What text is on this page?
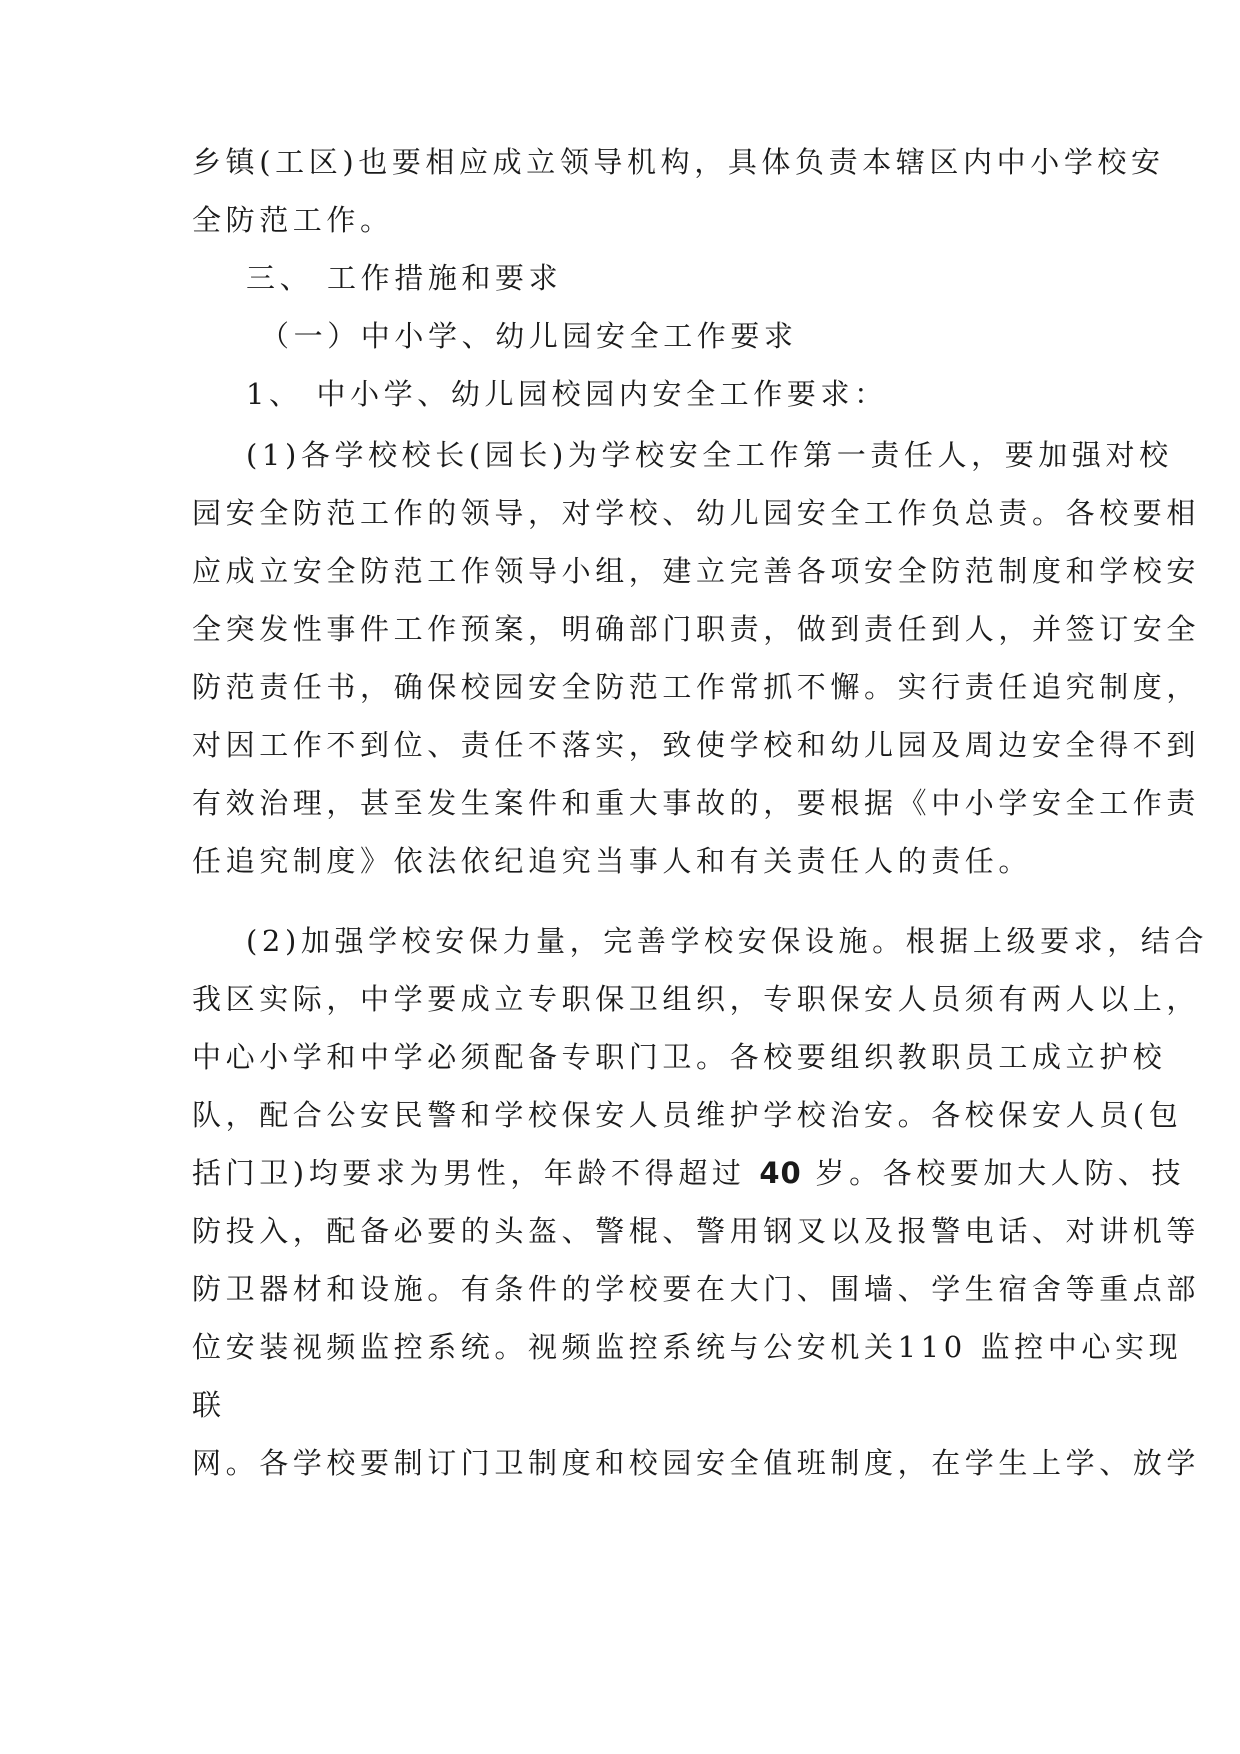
乡镇(工区)也要相应成立领导机构，具体负责本辖区内中小学校安
全防范工作。
三、 工作措施和要求
（一）中小学、幼儿园安全工作要求
1、 中小学、幼儿园校园内安全工作要求：
(1)各学校校长(园长)为学校安全工作第一责任人，要加强对校
园安全防范工作的领导，对学校、幼儿园安全工作负总责。各校要相
应成立安全防范工作领导小组，建立完善各项安全防范制度和学校安
全突发性事件工作预案，明确部门职责，做到责任到人，并签订安全
防范责任书，确保校园安全防范工作常抓不懈。实行责任追究制度，
对因工作不到位、责任不落实，致使学校和幼儿园及周边安全得不到
有效治理，甚至发生案件和重大事故的，要根据《中小学安全工作责
任追究制度》依法依纪追究当事人和有关责任人的责任。
(2)加强学校安保力量，完善学校安保设施。根据上级要求，结合
我区实际，中学要成立专职保卫组织，专职保安人员须有两人以上，
中心小学和中学必须配备专职门卫。各校要组织教职员工成立护校
队，配合公安民警和学校保安人员维护学校治安。各校保安人员(包
括门卫)均要求为男性，年龄不得超过 40 岁。各校要加大人防、技
防投入，配备必要的头盔、警棍、警用钢叉以及报警电话、对讲机等
防卫器材和设施。有条件的学校要在大门、围墙、学生宿舍等重点部
位安装视频监控系统。视频监控系统与公安机关110 监控中心实现
联
网。各学校要制订门卫制度和校园安全值班制度，在学生上学、放学
